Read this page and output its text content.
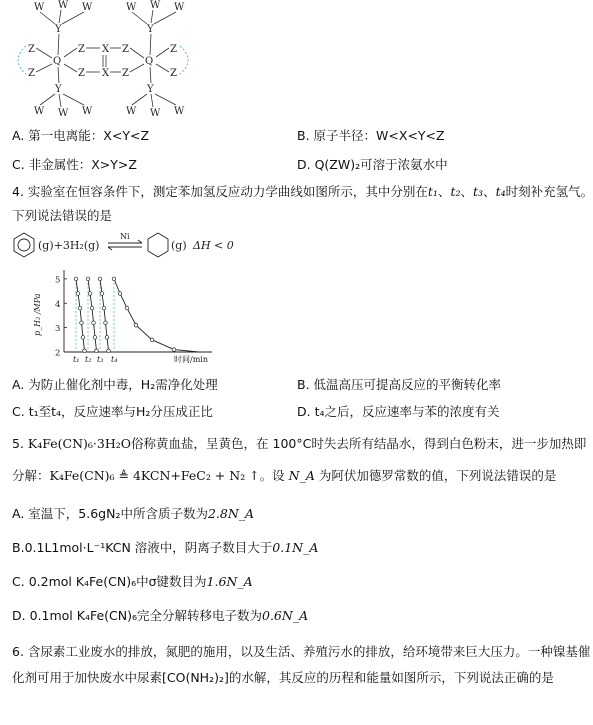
W W W
Y
Z	Z
Q
Z	Z
Y
W W W
X
X
W W W
Y
Z	Z
Q
Z	Z
Y
W W W
A. 第一电离能：X<Y<Z	B. 原子半径：W<X<Y<Z
C. 非金属性：X>Y>Z	D. Q(ZW)₂可溶于浓氨水中
4. 实验室在恒容条件下，测定苯加氢反应动力学曲线如图所示，其中分别在t₁、t₂、t₃、t₄时刻补充氢气。
下列说法错误的是
(g)+3H₂(g)
Ni
(g) ΔH < 0
5
4
3
2
p_H₂ /MPa
t₁ t₂ t₃ t₄	时间/min
A. 为防止催化剂中毒，H₂需净化处理	B. 低温高压可提高反应的平衡转化率
C. t₁至t₄，反应速率与H₂分压成正比	D. t₄之后，反应速率与苯的浓度有关
5. K₄Fe(CN)₆·3H₂O俗称黄血盐，呈黄色，在 100°C时失去所有结晶水，得到白色粉末，进一步加热即
分解：K₄Fe(CN)₆ ≜ 4KCN+FeC₂ + N₂ ↑。设 N_A 为阿伏加德罗常数的值，下列说法错误的是
A. 室温下，5.6gN₂中所含质子数为2.8N_A
B.0.1L1mol·L⁻¹KCN 溶液中，阴离子数目大于0.1N_A
C. 0.2mol K₄Fe(CN)₆中σ键数目为1.6N_A
D. 0.1mol K₄Fe(CN)₆完全分解转移电子数为0.6N_A
6. 含尿素工业废水的排放，氮肥的施用，以及生活、养殖污水的排放，给环境带来巨大压力。一种镍基催
化剂可用于加快废水中尿素[CO(NH₂)₂]的水解，其反应的历程和能量如图所示，下列说法正确的是
